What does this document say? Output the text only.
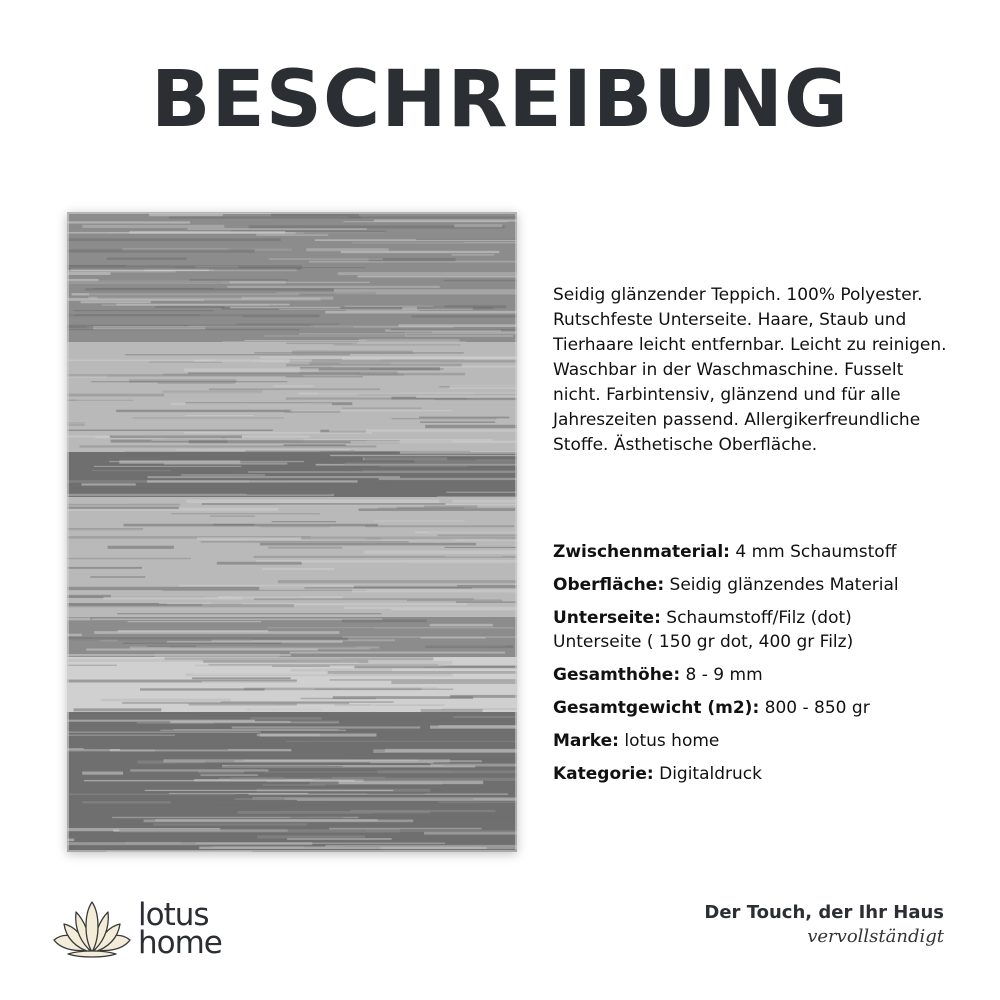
BESCHREIBUNG

Seidig glänzender Teppich. 100% Polyester. Rutschfeste Unterseite. Haare, Staub und Tierhaare leicht entfernbar. Leicht zu reinigen. Waschbar in der Waschmaschine. Fusselt nicht. Farbintensiv, glänzend und für alle Jahreszeiten passend. Allergikerfreundliche Stoffe. Ästhetische Oberfläche.

Zwischenmaterial: 4 mm Schaumstoff
Oberfläche: Seidig glänzendes Material
Unterseite: Schaumstoff/Filz (dot)
Unterseite ( 150 gr dot, 400 gr Filz)
Gesamthöhe: 8 - 9 mm
Gesamtgewicht (m2): 800 - 850 gr
Marke: lotus home
Kategorie: Digitaldruck
lotus
home
Der Touch, der Ihr Haus
vervollständigt
